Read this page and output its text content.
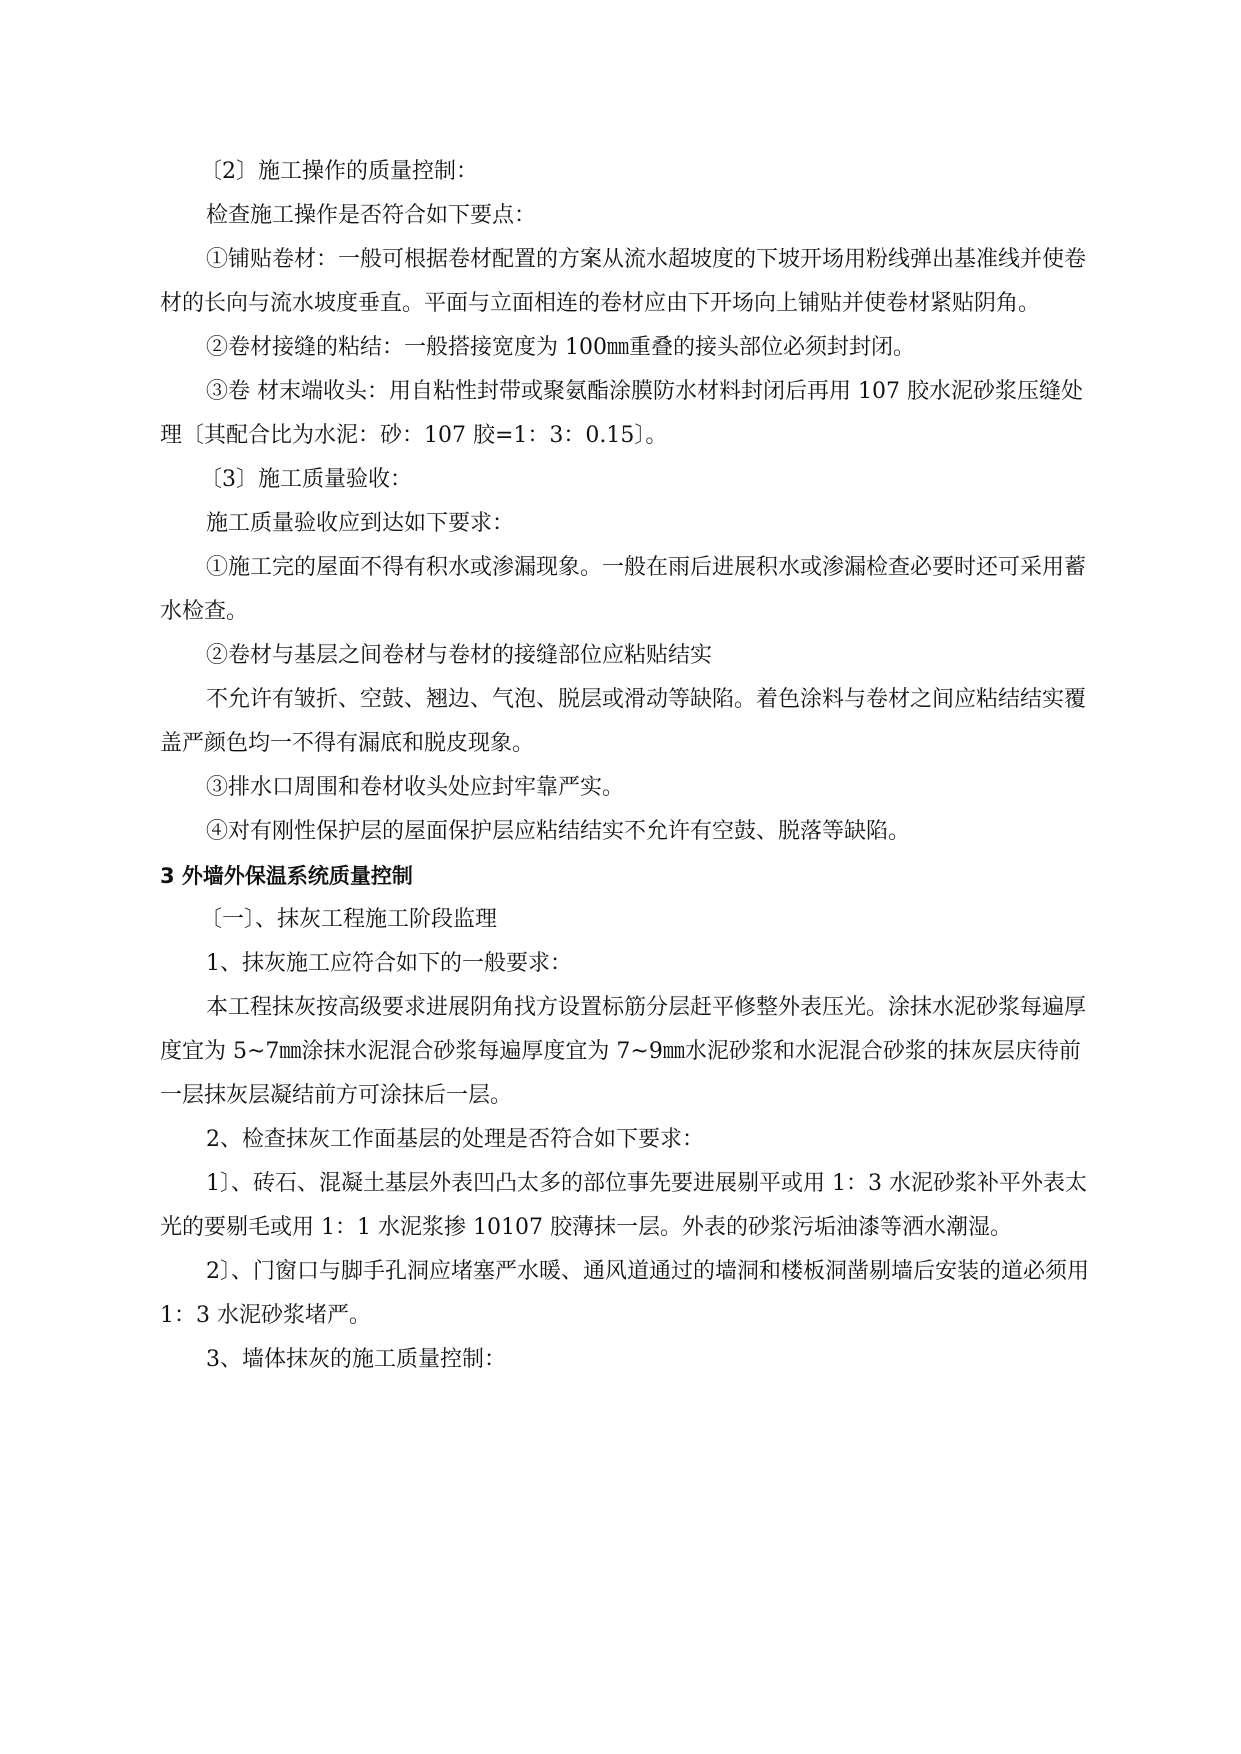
〔2〕施工操作的质量控制：

检查施工操作是否符合如下要点：

①铺贴卷材：一般可根据卷材配置的方案从流水超坡度的下坡开场用粉线弹出基准线并使卷材的长向与流水坡度垂直。平面与立面相连的卷材应由下开场向上铺贴并使卷材紧贴阴角。

②卷材接缝的粘结：一般搭接宽度为 100㎜重叠的接头部位必须封封闭。

③卷 材末端收头：用自粘性封带或聚氨酯涂膜防水材料封闭后再用 107 胶水泥砂浆压缝处理〔其配合比为水泥：砂：107 胶=1：3：0.15〕。

〔3〕施工质量验收：

施工质量验收应到达如下要求：

①施工完的屋面不得有积水或渗漏现象。一般在雨后进展积水或渗漏检查必要时还可采用蓄水检查。

②卷材与基层之间卷材与卷材的接缝部位应粘贴结实

不允许有皱折、空鼓、翘边、气泡、脱层或滑动等缺陷。着色涂料与卷材之间应粘结结实覆盖严颜色均一不得有漏底和脱皮现象。

③排水口周围和卷材收头处应封牢靠严实。

④对有刚性保护层的屋面保护层应粘结结实不允许有空鼓、脱落等缺陷。

3 外墙外保温系统质量控制

〔一〕、抹灰工程施工阶段监理

1、抹灰施工应符合如下的一般要求：

本工程抹灰按高级要求进展阴角找方设置标筋分层赶平修整外表压光。涂抹水泥砂浆每遍厚度宜为 5~7㎜涂抹水泥混合砂浆每遍厚度宜为 7~9㎜水泥砂浆和水泥混合砂浆的抹灰层庆待前一层抹灰层凝结前方可涂抹后一层。

2、检查抹灰工作面基层的处理是否符合如下要求：

1〕、砖石、混凝土基层外表凹凸太多的部位事先要进展剔平或用 1：3 水泥砂浆补平外表太光的要剔毛或用 1：1 水泥浆掺 10107 胶薄抹一层。外表的砂浆污垢油漆等洒水潮湿。

2〕、门窗口与脚手孔洞应堵塞严水暖、通风道通过的墙洞和楼板洞凿剔墙后安装的道必须用 1：3 水泥砂浆堵严。

3、墙体抹灰的施工质量控制：
